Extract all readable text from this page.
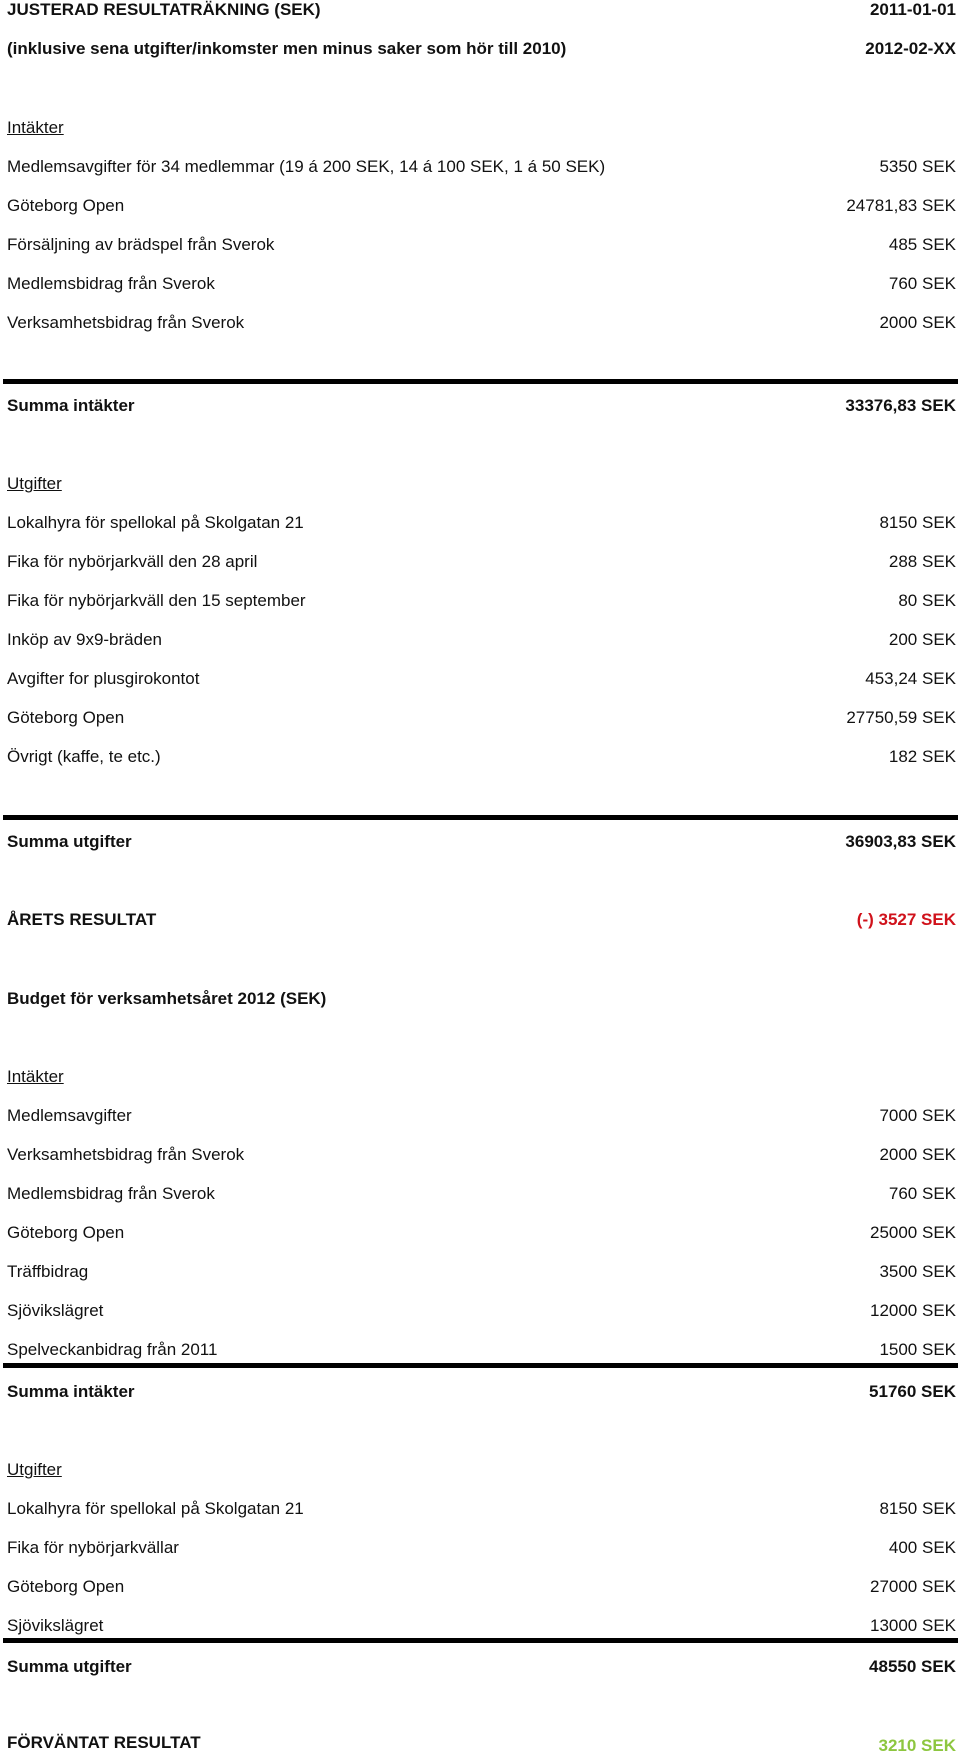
JUSTERAD RESULTATRÄKNING (SEK)	2011-01-01
(inklusive sena utgifter/inkomster men minus saker som hör till 2010)	2012-02-XX
Intäkter
Medlemsavgifter för 34 medlemmar (19 á 200 SEK, 14 á 100 SEK, 1 á 50 SEK)	5350 SEK
Göteborg Open	24781,83 SEK
Försäljning av brädspel från Sverok	485 SEK
Medlemsbidrag från Sverok	760 SEK
Verksamhetsbidrag från Sverok	2000 SEK
Summa intäkter	33376,83 SEK
Utgifter
Lokalhyra för spellokal på Skolgatan 21	8150 SEK
Fika för nybörjarkväll den 28 april	288 SEK
Fika för nybörjarkväll den 15 september	80 SEK
Inköp av 9x9-bräden	200 SEK
Avgifter for plusgirokontot	453,24 SEK
Göteborg Open	27750,59 SEK
Övrigt (kaffe, te etc.)	182 SEK
Summa utgifter	36903,83 SEK
ÅRETS RESULTAT	(-) 3527 SEK
Budget för verksamhetsåret 2012 (SEK)
Intäkter
Medlemsavgifter	7000 SEK
Verksamhetsbidrag från Sverok	2000 SEK
Medlemsbidrag från Sverok	760 SEK
Göteborg Open	25000 SEK
Träffbidrag	3500 SEK
Sjövikslägret	12000 SEK
Spelveckanbidrag från 2011	1500 SEK
Summa intäkter	51760 SEK
Utgifter
Lokalhyra för spellokal på Skolgatan 21	8150 SEK
Fika för nybörjarkvällar	400 SEK
Göteborg Open	27000 SEK
Sjövikslägret	13000 SEK
Summa utgifter	48550 SEK
FÖRVÄNTAT RESULTAT	3210 SEK
